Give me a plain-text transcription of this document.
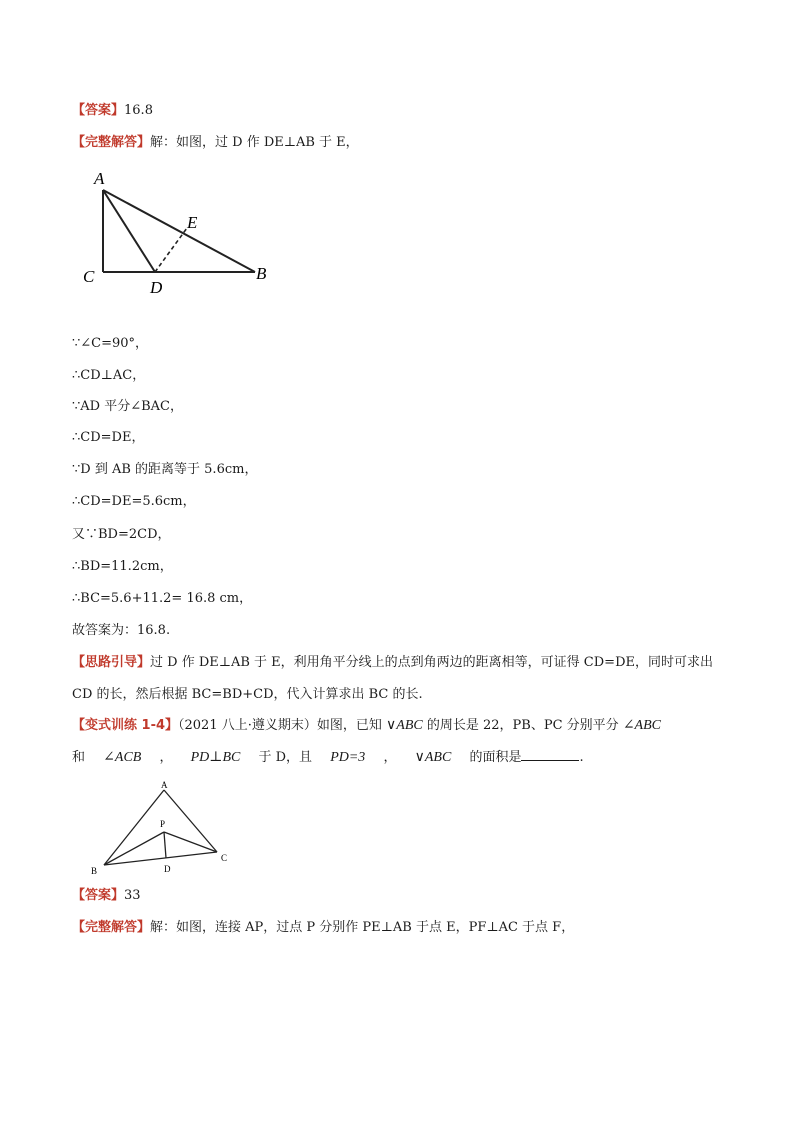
【答案】16.8
【完整解答】解：如图，过 D 作 DE⊥AB 于 E，
A
E
C
D
B
∵∠C=90°，
∴CD⊥AC，
∵AD 平分∠BAC，
∴CD=DE，
∵D 到 AB 的距离等于 5.6cm，
∴CD=DE=5.6cm，
又∵BD=2CD，
∴BD=11.2cm，
∴BC=5.6+11.2= 16.8 cm，
故答案为：16.8.
【思路引导】过 D 作 DE⊥AB 于 E，利用角平分线上的点到角两边的距离相等，可证得 CD=DE，同时可求出
CD 的长，然后根据 BC=BD+CD，代入计算求出 BC 的长.
【变式训练 1-4】（2021 八上·遵义期末）如图，已知 ∨ABC 的周长是 22，PB、PC 分别平分 ∠ABC
和 ∠ACB ， PD⊥BC 于 D，且 PD=3 ， ∨ABC 的面积是	.
A
P
C
B	D
【答案】33
【完整解答】解：如图，连接 AP，过点 P 分别作 PE⊥AB 于点 E，PF⊥AC 于点 F，
